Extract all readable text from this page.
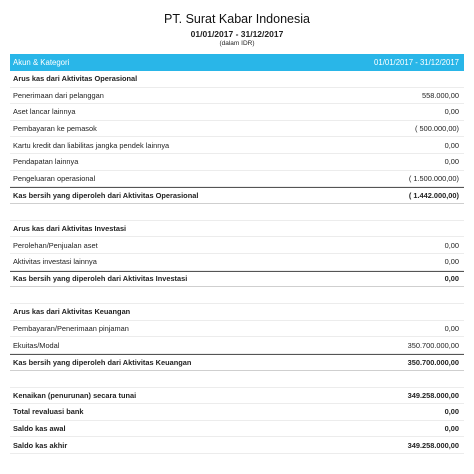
PT. Surat Kabar Indonesia
01/01/2017 - 31/12/2017
(dalam IDR)
Akun & Kategori	01/01/2017 - 31/12/2017
Arus kas dari Aktivitas Operasional
Penerimaan dari pelanggan	558.000,00
Aset lancar lainnya	0,00
Pembayaran ke pemasok	( 500.000,00)
Kartu kredit dan liabilitas jangka pendek lainnya	0,00
Pendapatan lainnya	0,00
Pengeluaran operasional	( 1.500.000,00)
Kas bersih yang diperoleh dari Aktivitas Operasional	( 1.442.000,00)
Arus kas dari Aktivitas Investasi
Perolehan/Penjualan aset	0,00
Aktivitas investasi lainnya	0,00
Kas bersih yang diperoleh dari Aktivitas Investasi	0,00
Arus kas dari Aktivitas Keuangan
Pembayaran/Penerimaan pinjaman	0,00
Ekuitas/Modal	350.700.000,00
Kas bersih yang diperoleh dari Aktivitas Keuangan	350.700.000,00
Kenaikan (penurunan) secara tunai	349.258.000,00
Total revaluasi bank	0,00
Saldo kas awal	0,00
Saldo kas akhir	349.258.000,00
